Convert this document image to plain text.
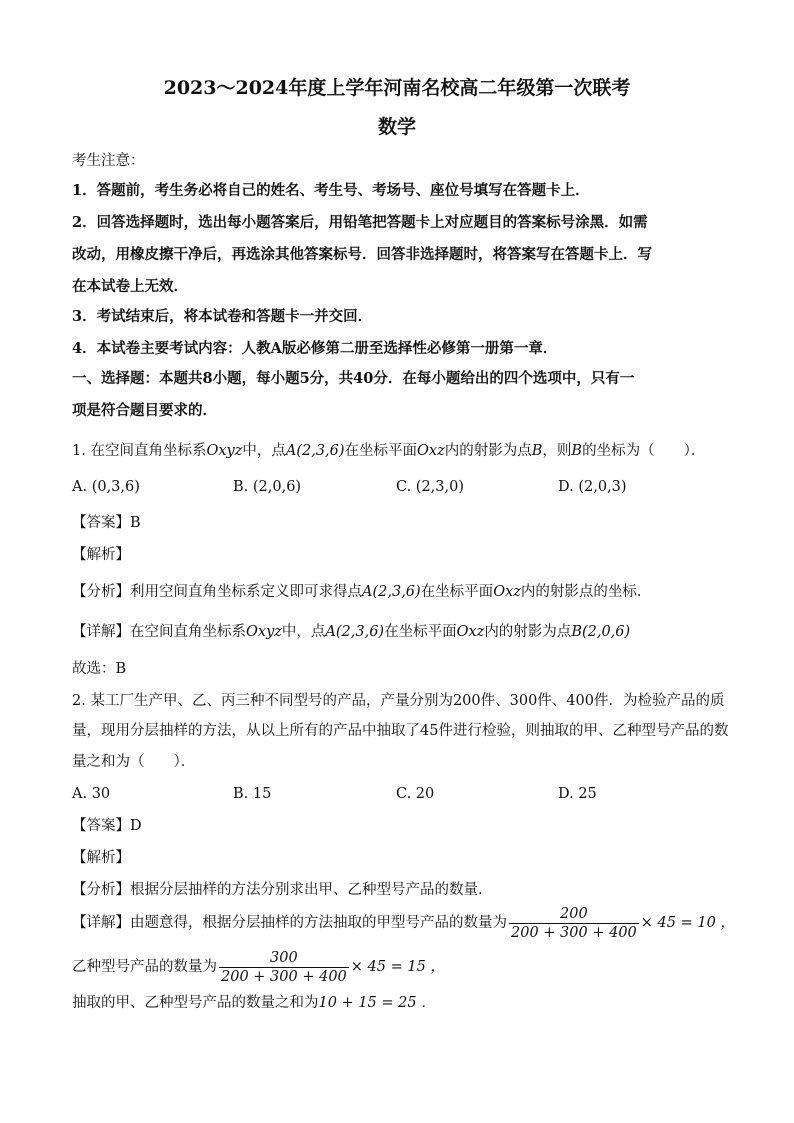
2023～2024年度上学年河南名校高二年级第一次联考
数学
考生注意：
1．答题前，考生务必将自己的姓名、考生号、考场号、座位号填写在答题卡上．
2．回答选择题时，选出每小题答案后，用铅笔把答题卡上对应题目的答案标号涂黑．如需
改动，用橡皮擦干净后，再选涂其他答案标号．回答非选择题时，将答案写在答题卡上．写
在本试卷上无效．
3．考试结束后，将本试卷和答题卡一并交回．
4．本试卷主要考试内容：人教A版必修第二册至选择性必修第一册第一章．
一、选择题：本题共8小题，每小题5分，共40分．在每小题给出的四个选项中，只有一
项是符合题目要求的．
1. 在空间直角坐标系Oxyz中，点A(2,3,6)在坐标平面Oxz内的射影为点B，则B的坐标为（　　）．
A. (0,3,6)	B. (2,0,6)	C. (2,3,0)	D. (2,0,3)
【答案】B
【解析】
【分析】利用空间直角坐标系定义即可求得点A(2,3,6)在坐标平面Oxz内的射影点的坐标.
【详解】在空间直角坐标系Oxyz中，点A(2,3,6)在坐标平面Oxz内的射影为点B(2,0,6)
故选：B
2. 某工厂生产甲、乙、丙三种不同型号的产品，产量分别为200件、300件、400件．为检验产品的质
量，现用分层抽样的方法，从以上所有的产品中抽取了45件进行检验，则抽取的甲、乙种型号产品的数
量之和为（　　）．
A. 30	B. 15	C. 20	D. 25
【答案】D
【解析】
【分析】根据分层抽样的方法分别求出甲、乙种型号产品的数量.
【详解】由题意得，根据分层抽样的方法抽取的甲型号产品的数量为 $\frac{200}{200 + 300 + 400} \times 45 = 10$ ，
乙种型号产品的数量为 $\frac{300}{200 + 300 + 400} \times 45 = 15$ ，
抽取的甲、乙种型号产品的数量之和为10 + 15 = 25 ．
